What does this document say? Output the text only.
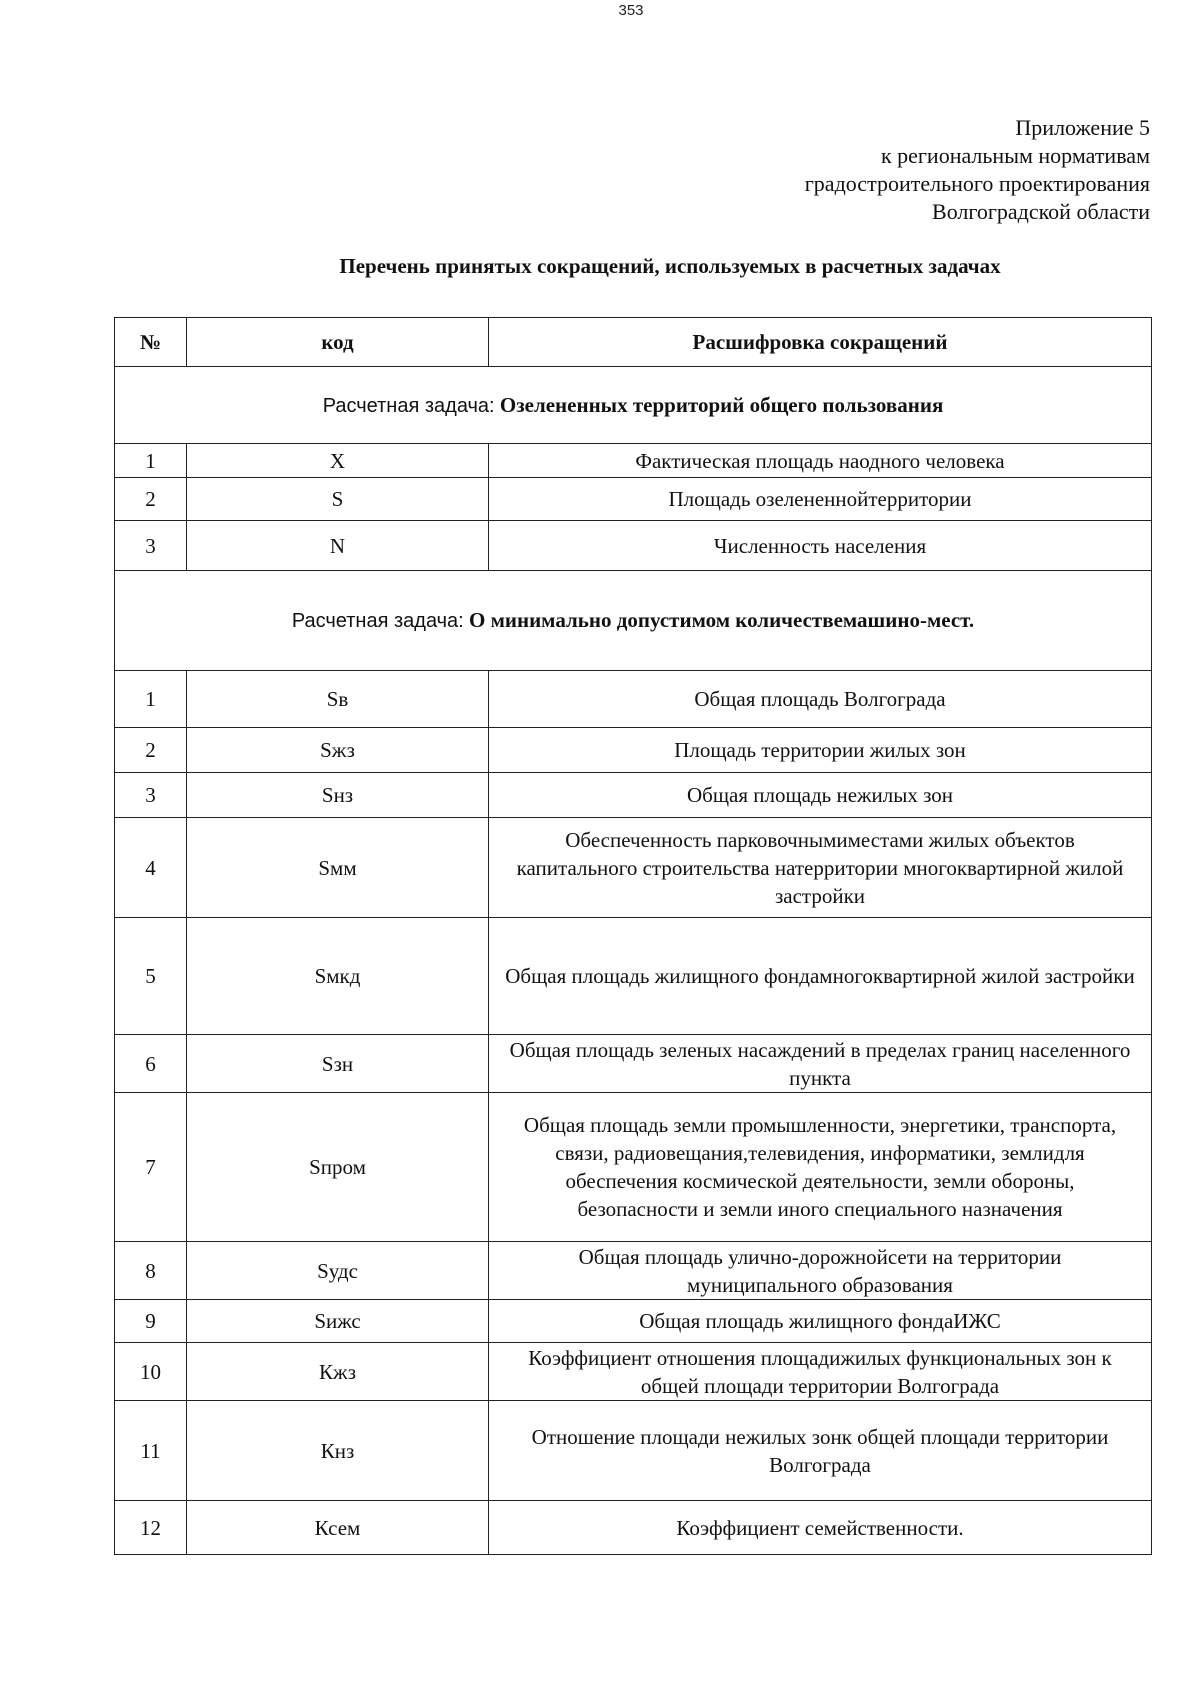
353
Приложение 5
к региональным нормативам
градостроительного проектирования
Волгоградской области
Перечень принятых сокращений, используемых в расчетных задачах
№	код	Расшифровка сокращений
Расчетная задача: Озелененных территорий общего пользования		
1	X	Фактическая площадь наодного человека
2	S	Площадь озелененнойтерритории
3	N	Численность населения
Расчетная задача: О минимально допустимом количествемашино-мест.		
1	Sв	Общая площадь Волгограда
2	Sжз	Площадь территории жилых зон
3	Sнз	Общая площадь нежилых зон
4	Sмм	Обеспеченность парковочнымиместами жилых объектов капитального строительства натерритории многоквартирной жилой застройки
5	Sмкд	Общая площадь жилищного фондамногоквартирной жилой застройки
6	Sзн	Общая площадь зеленых насаждений в пределах границ населенного пункта
7	Sпром	Общая площадь земли промышленности, энергетики, транспорта, связи, радиовещания,телевидения, информатики, землидля обеспечения космической деятельности, земли обороны, безопасности и земли иного специального назначения
8	Sудс	Общая площадь улично-дорожнойсети на территории муниципального образования
9	Sижс	Общая площадь жилищного фондаИЖС
10	Кжз	Коэффициент отношения площадижилых функциональных зон к общей площади территории Волгограда
11	Кнз	Отношение площади нежилых зонк общей площади территории Волгограда
12	Ксем	Коэффициент семейственности.
